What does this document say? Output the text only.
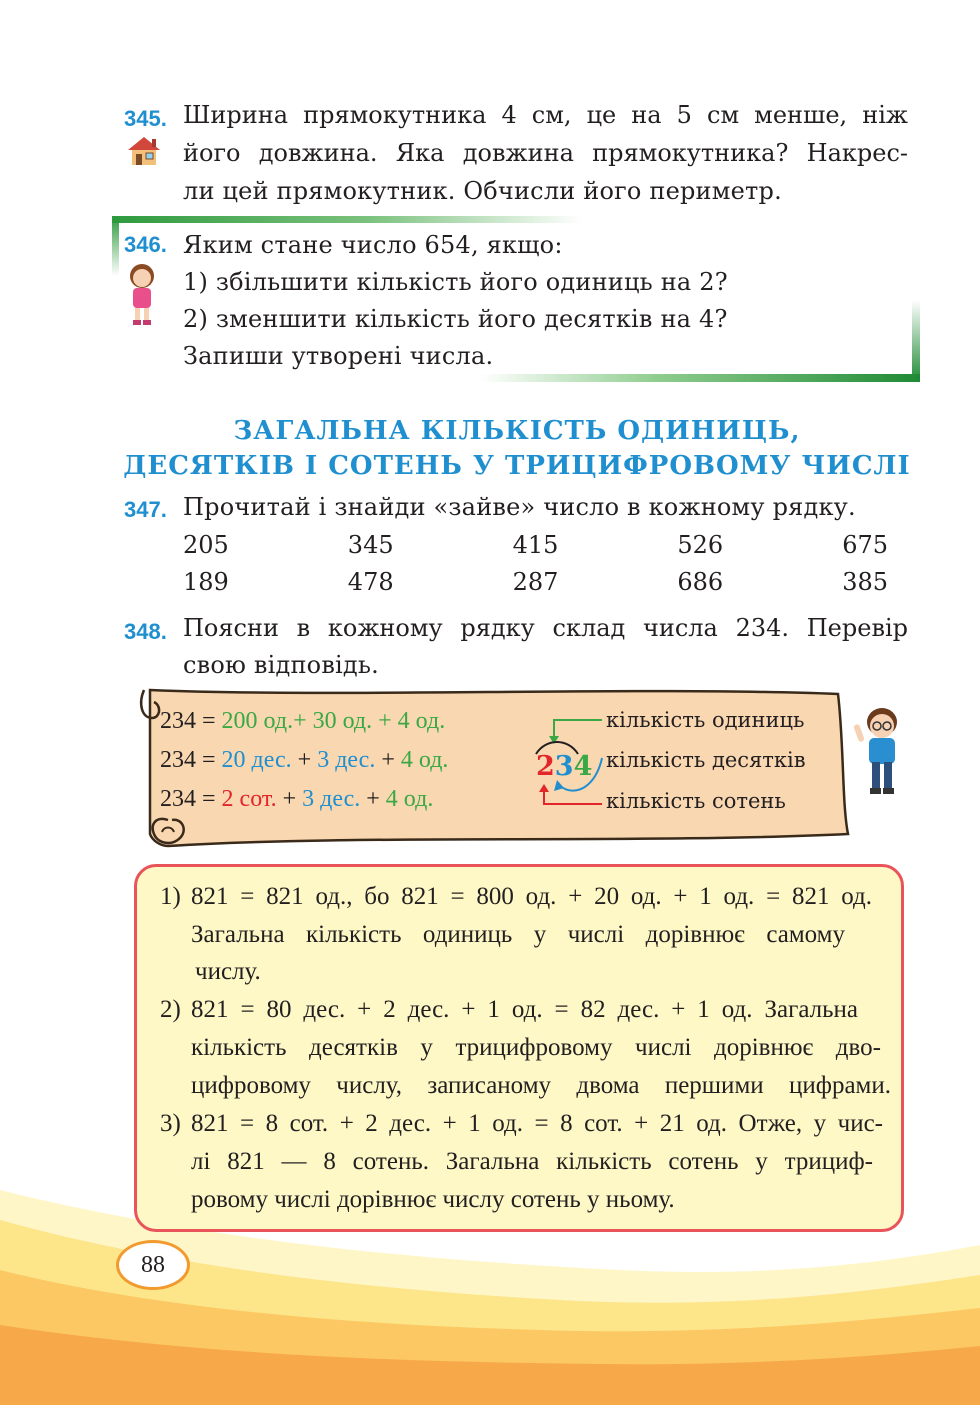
345. Ширина прямокутника 4 см, це на 5 см менше, ніж
його довжина. Яка довжина прямокутника? Накрес-
ли цей прямокутник. Обчисли його периметр.
346. Яким стане число 654, якщо:
1) збільшити кількість його одиниць на 2?
2) зменшити кількість його десятків на 4?
Запиши утворені числа.
ЗАГАЛЬНА КІЛЬКІСТЬ ОДИНИЦЬ,
ДЕСЯТКІВ І СОТЕНЬ У ТРИЦИФРОВОМУ ЧИСЛІ
347. Прочитай і знайди «зайве» число в кожному рядку.
205	345	415	526	675
189	478	287	686	385
348. Поясни в кожному рядку склад числа 234. Перевір
свою відповідь.
234 = 200 од.+ 30 од. + 4 од.
234 = 20 дес. + 3 дес. + 4 од.
234 = 2 сот. + 3 дес. + 4 од.
234
кількість одиниць
кількість десятків
кількість сотень
1) 821 = 821 од., бо 821 = 800 од. + 20 од. + 1 од. = 821 од.
Загальна кількість одиниць у числі дорівнює самому
числу.
2) 821 = 80 дес. + 2 дес. + 1 од. = 82 дес. + 1 од. Загальна
кількість десятків у трицифровому числі дорівнює дво-
цифровому числу, записаному двома першими цифрами.
3) 821 = 8 сот. + 2 дес. + 1 од. = 8 сот. + 21 од. Отже, у чис-
лі 821 — 8 сотень. Загальна кількість сотень у трициф-
ровому числі дорівнює числу сотень у ньому.
88
